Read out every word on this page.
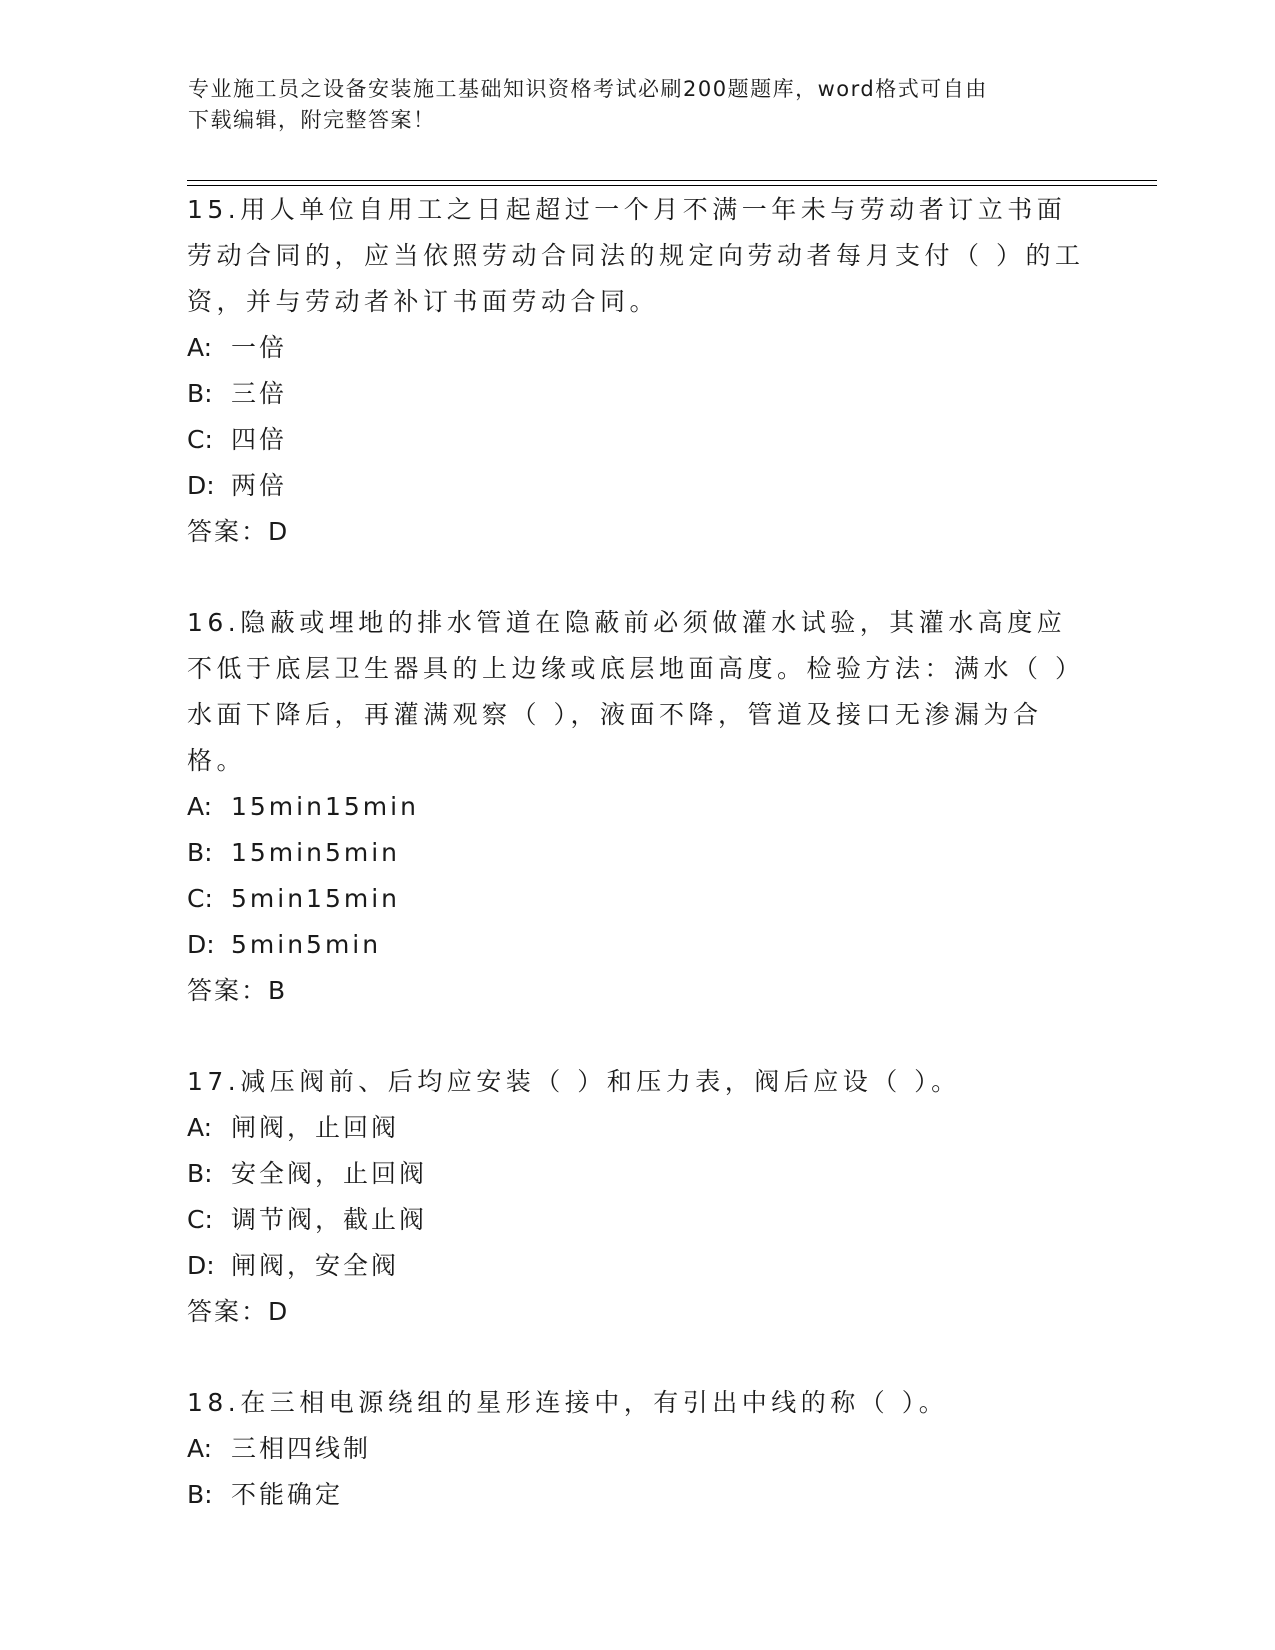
专业施工员之设备安装施工基础知识资格考试必刷200题题库，word格式可自由
下载编辑，附完整答案！

15.用人单位自用工之日起超过一个月不满一年未与劳动者订立书面劳动合同的，应当依照劳动合同法的规定向劳动者每月支付（ ）的工资，并与劳动者补订书面劳动合同。

A: 一倍

B: 三倍

C: 四倍

D: 两倍

答案：D

16.隐蔽或埋地的排水管道在隐蔽前必须做灌水试验，其灌水高度应不低于底层卫生器具的上边缘或底层地面高度。检验方法：满水（ ）水面下降后，再灌满观察（ ），液面不降，管道及接口无渗漏为合格。

A: 15min15min

B: 15min5min

C: 5min15min

D: 5min5min

答案：B

17.减压阀前、后均应安装（ ）和压力表，阀后应设（ ）。

A: 闸阀，止回阀

B: 安全阀，止回阀

C: 调节阀，截止阀

D: 闸阀，安全阀

答案：D

18.在三相电源绕组的星形连接中，有引出中线的称（ ）。

A: 三相四线制

B: 不能确定
